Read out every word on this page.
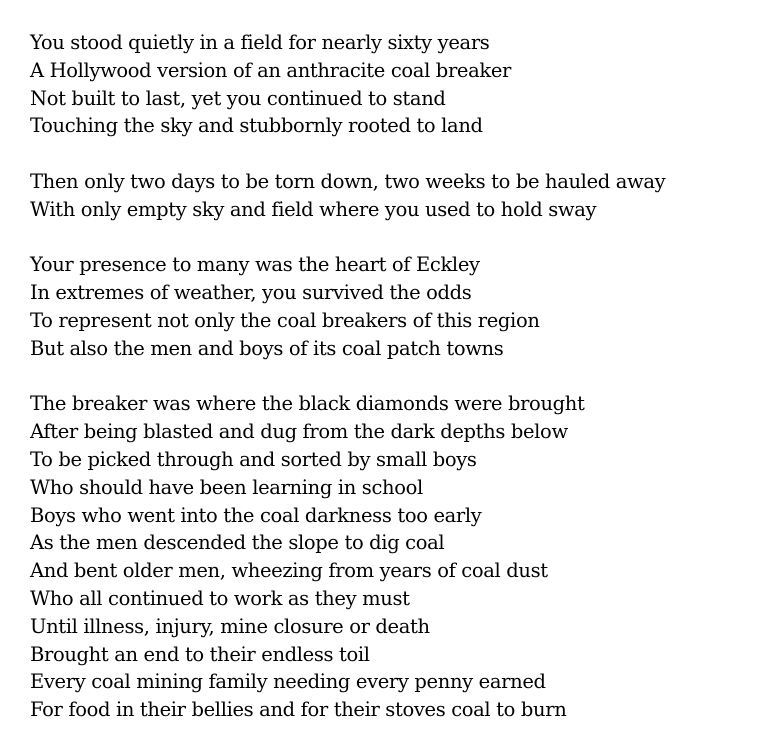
You stood quietly in a field for nearly sixty years
A Hollywood version of an anthracite coal breaker
Not built to last, yet you continued to stand
Touching the sky and stubbornly rooted to land
Then only two days to be torn down, two weeks to be hauled away
With only empty sky and field where you used to hold sway
Your presence to many was the heart of Eckley
In extremes of weather, you survived the odds
To represent not only the coal breakers of this region
But also the men and boys of its coal patch towns
The breaker was where the black diamonds were brought
After being blasted and dug from the dark depths below
To be picked through and sorted by small boys
Who should have been learning in school
Boys who went into the coal darkness too early
As the men descended the slope to dig coal
And bent older men, wheezing from years of coal dust
Who all continued to work as they must
Until illness, injury, mine closure or death
Brought an end to their endless toil
Every coal mining family needing every penny earned
For food in their bellies and for their stoves coal to burn
